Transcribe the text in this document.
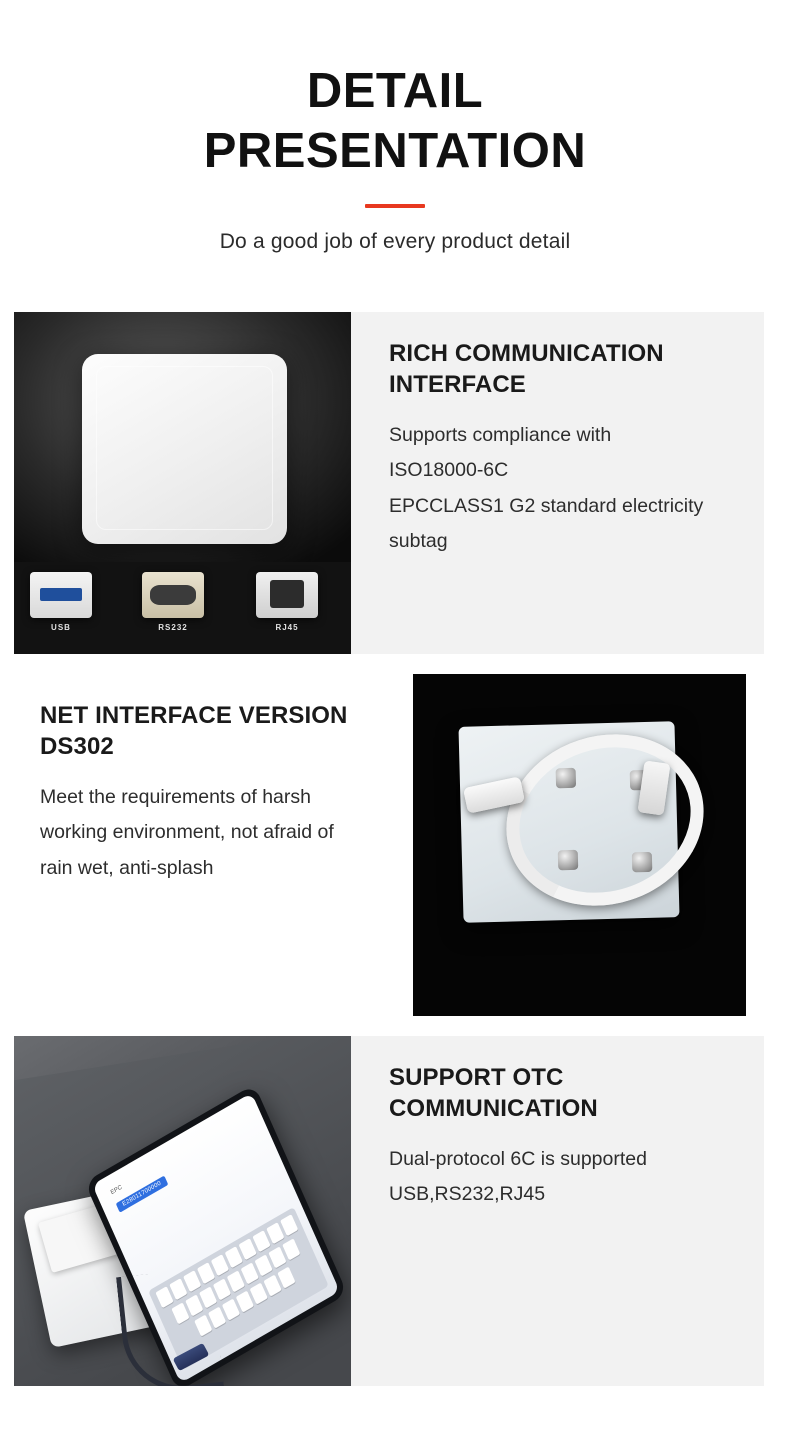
DETAIL
PRESENTATION
Do a good job of every product detail
USB	RS232	RJ45
RICH COMMUNICATION INTERFACE
Supports compliance with
ISO18000-6C
EPCCLASS1 G2 standard electricity
subtag
NET INTERFACE VERSION DS302
Meet the requirements of harsh
working environment, not afraid of
rain wet, anti-splash
EPC
E28011700000
SUPPORT OTC COMMUNICATION
Dual-protocol 6C is supported
USB,RS232,RJ45
